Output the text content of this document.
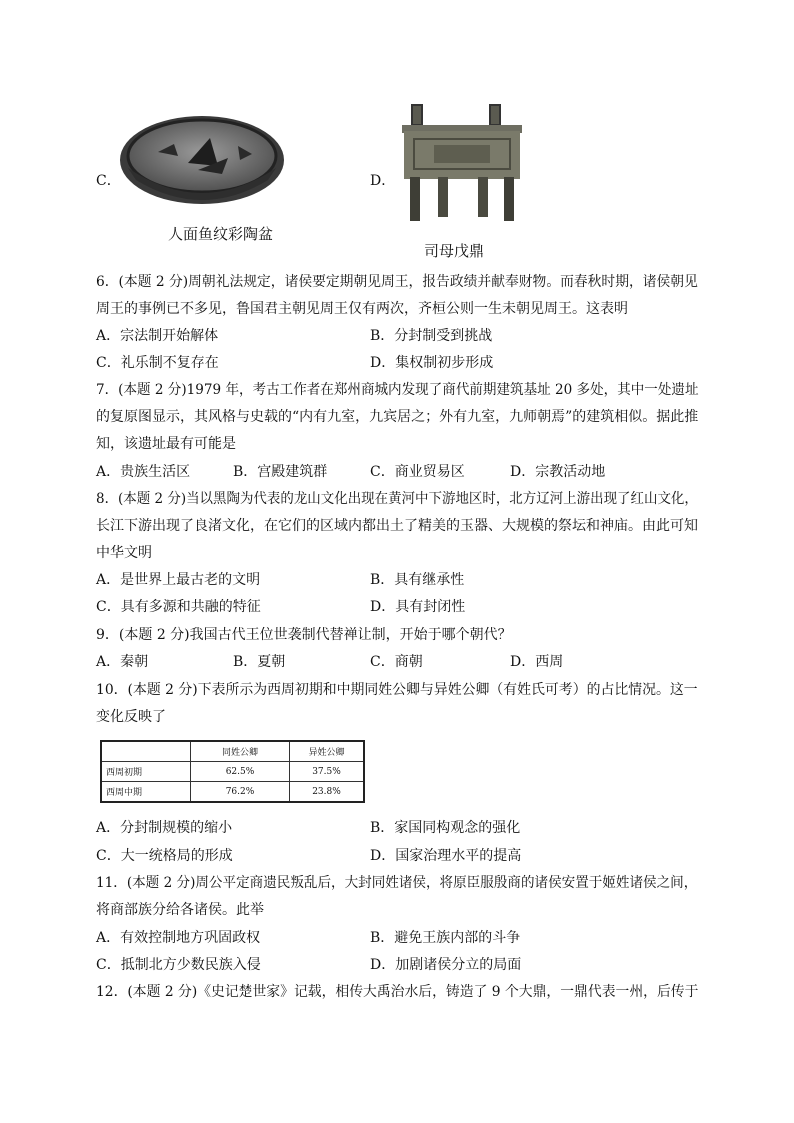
C．
人面鱼纹彩陶盆
D．
司母戊鼎
6．(本题 2 分)周朝礼法规定，诸侯要定期朝见周王，报告政绩并献奉财物。而春秋时期，诸侯朝见
周王的事例已不多见，鲁国君主朝见周王仅有两次，齐桓公则一生未朝见周王。这表明
A．宗法制开始解体	B．分封制受到挑战
C．礼乐制不复存在	D．集权制初步形成
7．(本题 2 分)1979 年，考古工作者在郑州商城内发现了商代前期建筑基址 20 多处，其中一处遗址
的复原图显示，其风格与史载的“内有九室，九宾居之；外有九室，九师朝焉”的建筑相似。据此推
知，该遗址最有可能是
A．贵族生活区	B．宫殿建筑群	C．商业贸易区	D．宗教活动地
8．(本题 2 分)当以黑陶为代表的龙山文化出现在黄河中下游地区时，北方辽河上游出现了红山文化，
长江下游出现了良渚文化，在它们的区域内都出土了精美的玉器、大规模的祭坛和神庙。由此可知
中华文明
A．是世界上最古老的文明	B．具有继承性
C．具有多源和共融的特征	D．具有封闭性
9．(本题 2 分)我国古代王位世袭制代替禅让制，开始于哪个朝代？
A．秦朝	B．夏朝	C．商朝	D．西周
10．(本题 2 分)下表所示为西周初期和中期同姓公卿与异姓公卿（有姓氏可考）的占比情况。这一
变化反映了
	同姓公卿	异姓公卿
西周初期	62.5%	37.5%
西周中期	76.2%	23.8%
A．分封制规模的缩小	B．家国同构观念的强化
C．大一统格局的形成	D．国家治理水平的提高
11．(本题 2 分)周公平定商遗民叛乱后，大封同姓诸侯，将原臣服殷商的诸侯安置于姬姓诸侯之间，
将商部族分给各诸侯。此举
A．有效控制地方巩固政权	B．避免王族内部的斗争
C．抵制北方少数民族入侵	D．加剧诸侯分立的局面
12．(本题 2 分)《史记楚世家》记载，相传大禹治水后，铸造了 9 个大鼎，一鼎代表一州，后传于
